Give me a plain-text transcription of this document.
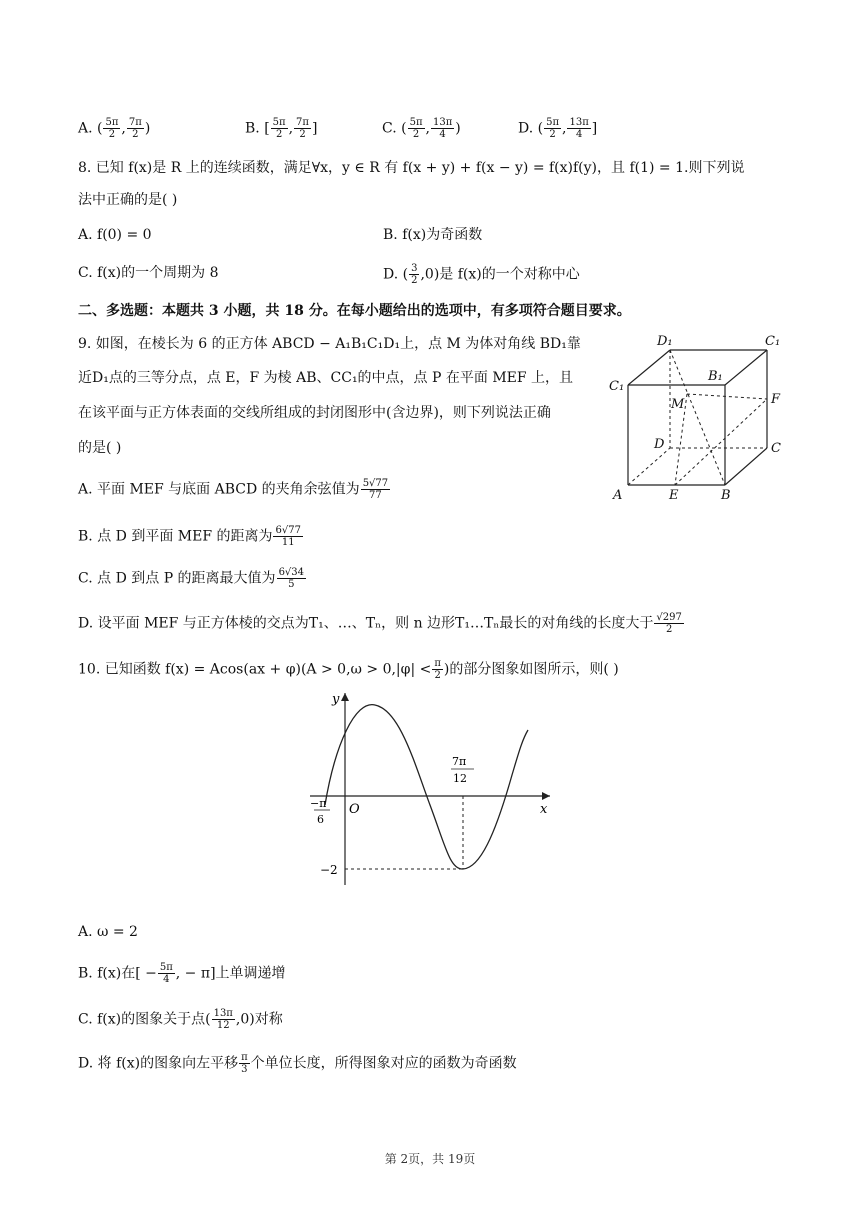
A. ( $\frac{5\pi}{2}$ , $\frac{7\pi}{2}$ )	B. [ $\frac{5\pi}{2}$ , $\frac{7\pi}{2}$ ]	C. ( $\frac{5\pi}{2}$ , $\frac{13\pi}{4}$ )	D. ( $\frac{5\pi}{2}$ , $\frac{13\pi}{4}$ ]
8. 已知 f(x)是 R 上的连续函数，满足∀x，y ∈ R 有 f(x + y) + f(x − y) = f(x)f(y)，且 f(1) = 1.则下列说
法中正确的是( )
A. f(0) = 0	B. f(x)为奇函数
C. f(x)的一个周期为 8	D. ( $\frac{3}{2} ,0$)是 f(x)的一个对称中心
二、多选题：本题共 3 小题，共 18 分。在每小题给出的选项中，有多项符合题目要求。
9. 如图，在棱长为 6 的正方体 ABCD − A₁B₁C₁D₁上，点 M 为体对角线 BD₁靠
近D₁点的三等分点，点 E，F 为棱 AB、CC₁的中点，点 P 在平面 MEF 上，且
在该平面与正方体表面的交线所组成的封闭图形中(含边界)，则下列说法正确
的是( )
A. 平面 MEF 与底面 ABCD 的夹角余弦值为 $\frac{5√77}{77}$
B. 点 D 到平面 MEF 的距离为 $\frac{6√77}{11}$
C. 点 D 到点 P 的距离最大值为 $\frac{6√34}{5}$
D. 设平面 MEF 与正方体棱的交点为T₁、…、Tₙ，则 n 边形T₁…Tₙ最长的对角线的长度大于 $\frac{√297}{2}$
D₁	C₁
C₁
B₁
M	F
D	C
A	E	B
10. 已知函数 $f(x) = Acos(ax + \varphi)(A > 0,\omega > 0,|\varphi| < \frac{\pi}{2}$ )的部分图象如图所示，则( )
y
x
O
−π
6
7π
12
−2
A. ω = 2
B. f(x)在[ − $\frac{5\pi}{4}$ , − π]上单调递增
C. f(x)的图象关于点( $\frac{13\pi}{12} ,0$)对称
D. 将 f(x)的图象向左平移 $\frac{\pi}{3}$ 个单位长度，所得图象对应的函数为奇函数
第 2页，共 19页
